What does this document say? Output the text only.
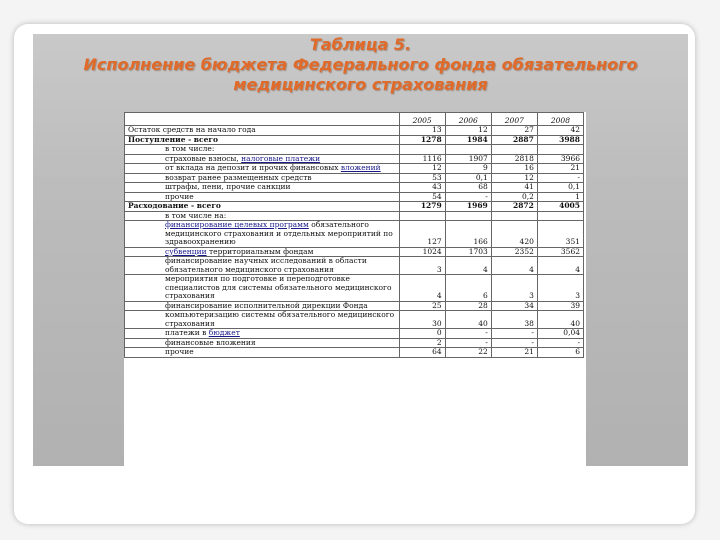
Таблица 5.
Исполнение бюджета Федерального фонда обязательного
медицинского страхования
	2005	2006	2007	2008
Остаток средств на начало года	13	12	27	42
Поступление - всего	1278	1984	2887	3988
в том числе:				
страховые взносы, налоговые платежи	1116	1907	2818	3966
от вклада на депозит и прочих финансовых вложений	12	9	16	21
возврат ранее размещенных средств	53	0,1	12	-
штрафы, пени, прочие санкции	43	68	41	0,1
прочие	54	-	0,2	1
Расходование - всего	1279	1969	2872	4005
в том числе на:				
финансирование целевых программ обязательного медицинского страхования и отдельных мероприятий по здравоохранению	127	166	420	351
субвенции территориальным фондам	1024	1703	2352	3562
финансирование научных исследований в области обязательного медицинского страхования	3	4	4	4
мероприятия по подготовке и переподготовке специалистов для системы обязательного медицинского страхования	4	6	3	3
финансирование исполнительной дирекции Фонда	25	28	34	39
компьютеризацию системы обязательного медицинского страхования	30	40	38	40
платежи в бюджет	0	-	-	0,04
финансовые вложения	2	-	-	-
прочие	64	22	21	6
